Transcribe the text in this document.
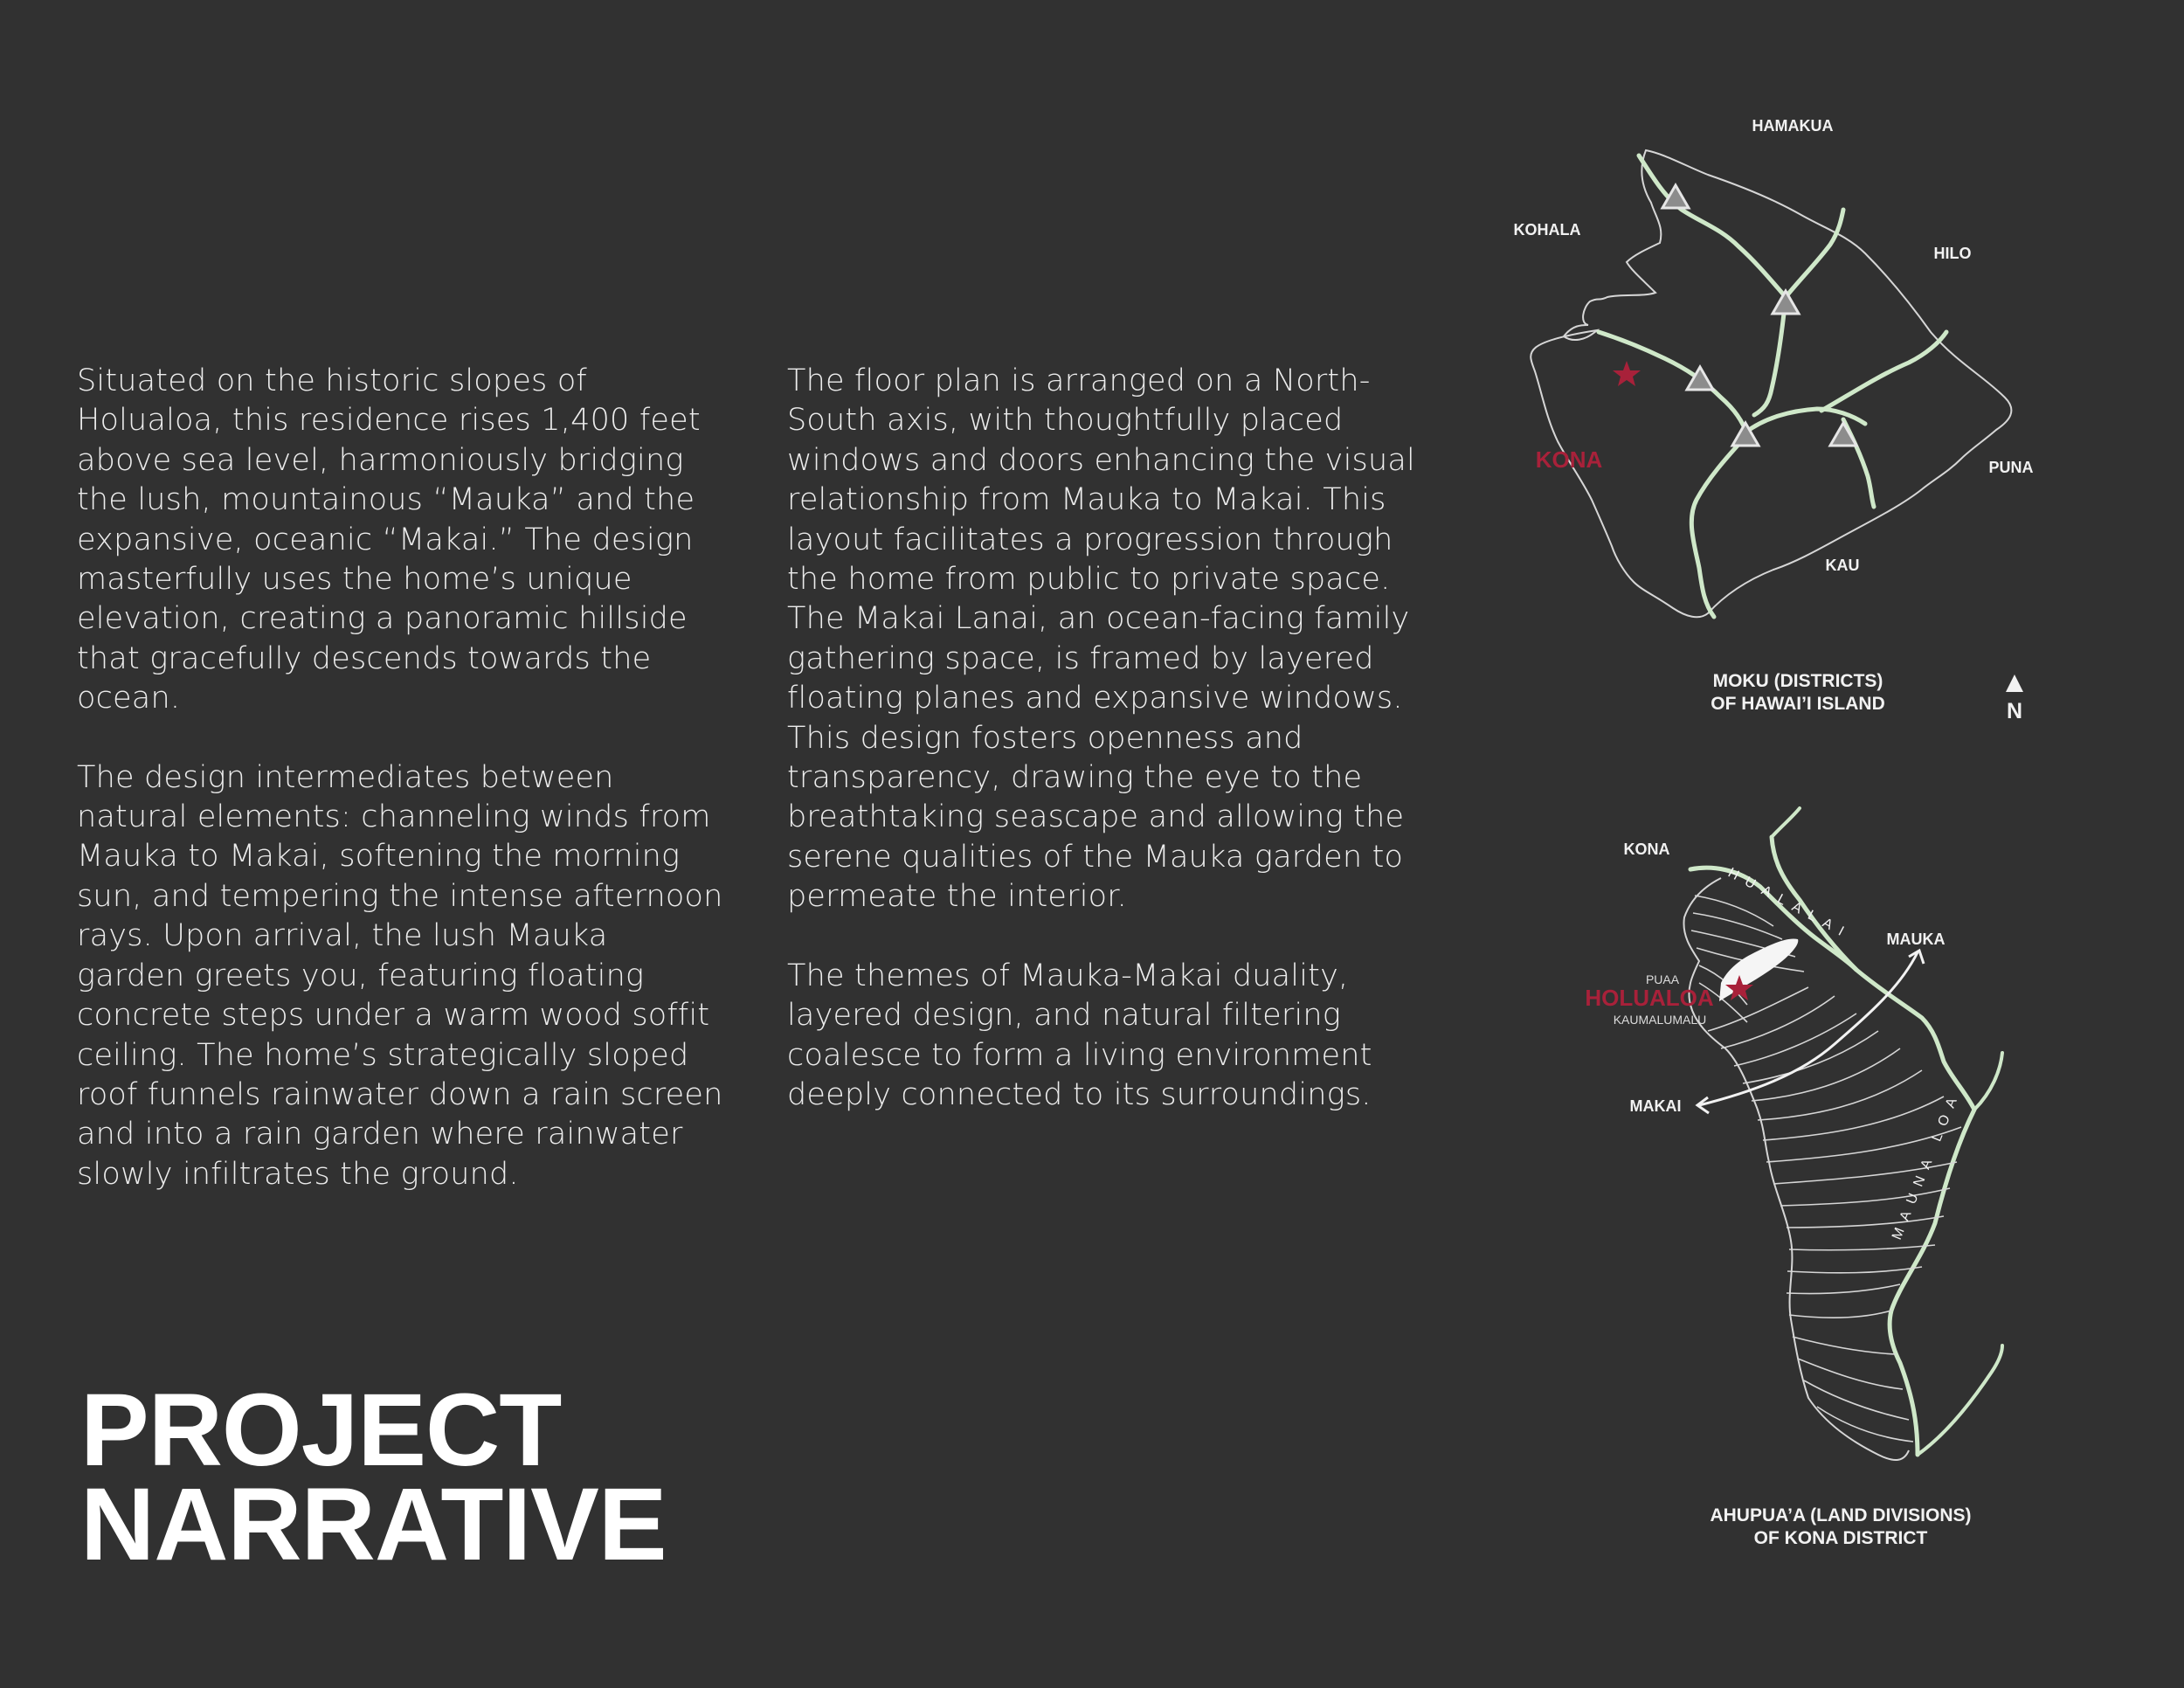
Situated on the historic slopes of Holualoa, this residence rises 1,400 feet above sea level, harmoniously bridging the lush, mountainous “Mauka” and the expansive, oceanic “Makai.” The design masterfully uses the home’s unique elevation, creating a panoramic hillside that gracefully descends towards the ocean.

The design intermediates between natural elements: channeling winds from Mauka to Makai, softening the morning sun, and tempering the intense afternoon rays. Upon arrival, the lush Mauka garden greets you, featuring floating concrete steps under a warm wood soffit ceiling. The home’s strategically sloped roof funnels rainwater down a rain screen and into a rain garden where rainwater slowly infiltrates the ground.

The floor plan is arranged on a North-South axis, with thoughtfully placed windows and doors enhancing the visual relationship from Mauka to Makai. This layout facilitates a progression through the home from public to private space. The Makai Lanai, an ocean-facing family gathering space, is framed by layered floating planes and expansive windows. This design fosters openness and transparency, drawing the eye to the breathtaking seascape and allowing the serene qualities of the Mauka garden to permeate the interior.

The themes of Mauka-Makai duality, layered design, and natural filtering coalesce to form a living environment deeply connected to its surroundings.

PROJECT
NARRATIVE
HAMAKUA
KOHALA
HILO
KONA	PUNA
KAU
MOKU (DISTRICTS)
OF HAWAI’I ISLAND	N
KONA
HUALALAI MAUKA
PUAA
HOLUALOA
KAUMALUMALU
MAKAI	MAUNA LOA
AHUPUA’A (LAND DIVISIONS)
OF KONA DISTRICT
